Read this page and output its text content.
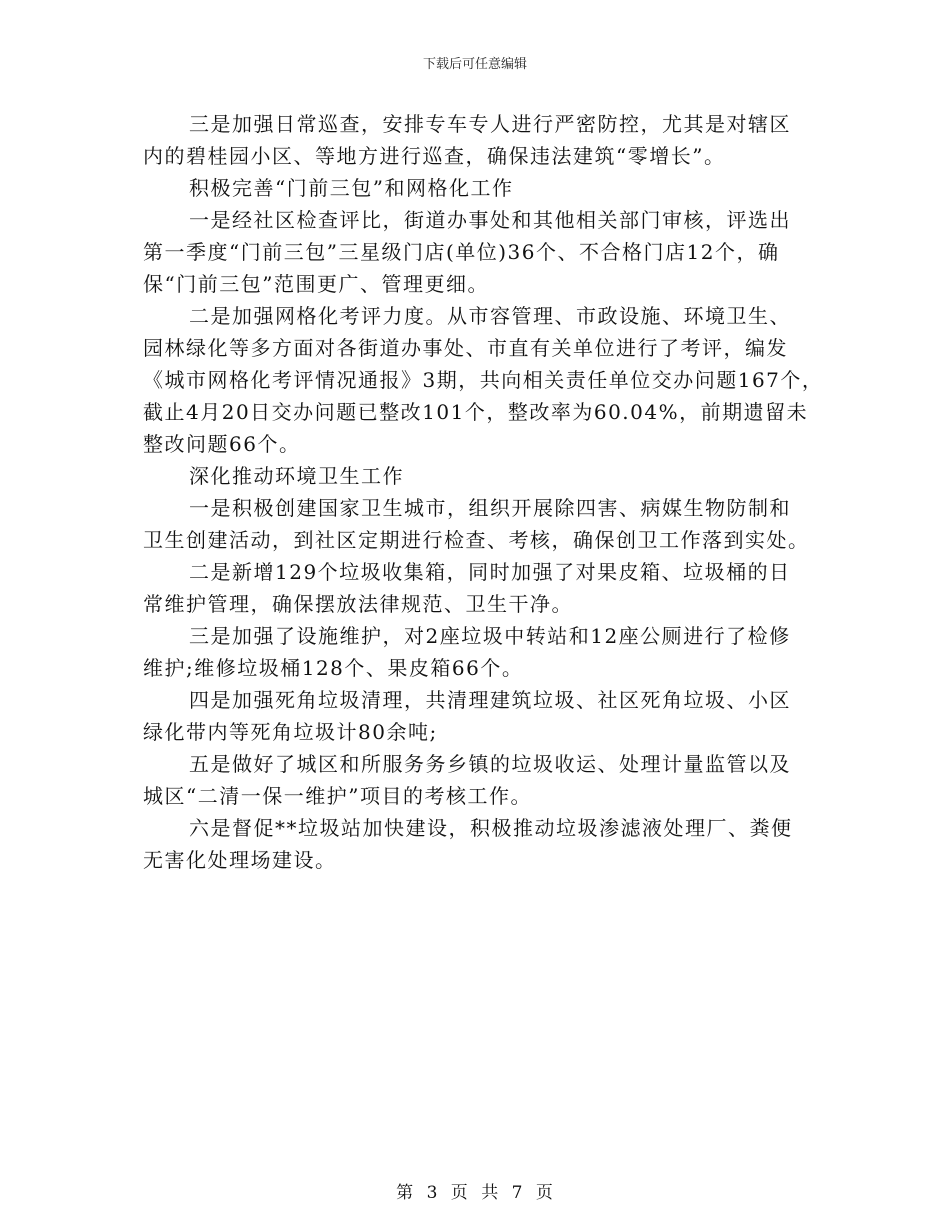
下载后可任意编辑

三是加强日常巡查，安排专车专人进行严密防控，尤其是对辖区
内的碧桂园小区、等地方进行巡查，确保违法建筑“零增长”。

积极完善“门前三包”和网格化工作

一是经社区检查评比，街道办事处和其他相关部门审核，评选出
第一季度“门前三包”三星级门店(单位)36个、不合格门店12个，确
保“门前三包”范围更广、管理更细。

二是加强网格化考评力度。从市容管理、市政设施、环境卫生、
园林绿化等多方面对各街道办事处、市直有关单位进行了考评，编发
《城市网格化考评情况通报》3期，共向相关责任单位交办问题167个，
截止4月20日交办问题已整改101个，整改率为60.04%，前期遗留未
整改问题66个。

深化推动环境卫生工作

一是积极创建国家卫生城市，组织开展除四害、病媒生物防制和
卫生创建活动，到社区定期进行检查、考核，确保创卫工作落到实处。

二是新增129个垃圾收集箱，同时加强了对果皮箱、垃圾桶的日
常维护管理，确保摆放法律规范、卫生干净。

三是加强了设施维护，对2座垃圾中转站和12座公厕进行了检修
维护;维修垃圾桶128个、果皮箱66个。

四是加强死角垃圾清理，共清理建筑垃圾、社区死角垃圾、小区
绿化带内等死角垃圾计80余吨;

五是做好了城区和所服务务乡镇的垃圾收运、处理计量监管以及
城区“二清一保一维护”项目的考核工作。

六是督促**垃圾站加快建设，积极推动垃圾渗滤液处理厂、粪便
无害化处理场建设。

第 3 页 共 7 页
